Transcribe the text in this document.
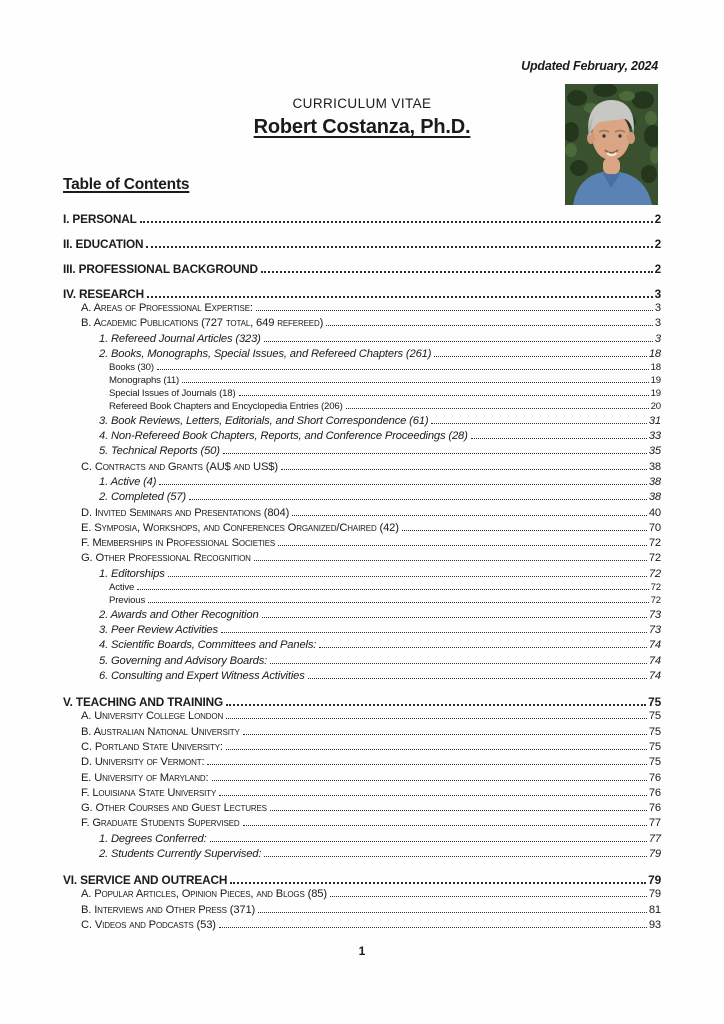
Updated February, 2024
CURRICULUM VITAE
Robert Costanza, Ph.D.
Table of Contents
I. PERSONAL	2
II. EDUCATION	2
III. PROFESSIONAL BACKGROUND	2
IV. RESEARCH	3
A. Areas of Professional Expertise:	3
B. Academic Publications (727 total, 649 refereed)	3
1. Refereed Journal Articles (323)	3
2. Books, Monographs, Special Issues, and Refereed Chapters (261)	18
Books (30)	18
Monographs (11)	19
Special Issues of Journals (18)	19
Refereed Book Chapters and Encyclopedia Entries (206)	20
3. Book Reviews, Letters, Editorials, and Short Correspondence (61)	31
4. Non-Refereed Book Chapters, Reports, and Conference Proceedings (28)	33
5. Technical Reports (50)	35
C. Contracts and Grants (AU$ and US$)	38
1. Active (4)	38
2. Completed (57)	38
D. Invited Seminars and Presentations (804)	40
E. Symposia, Workshops, and Conferences Organized/Chaired (42)	70
F. Memberships in Professional Societies	72
G. Other Professional Recognition	72
1. Editorships	72
Active	72
Previous	72
2. Awards and Other Recognition	73
3. Peer Review Activities	73
4. Scientific Boards, Committees and Panels:	74
5. Governing and Advisory Boards:	74
6. Consulting and Expert Witness Activities	74
V. TEACHING AND TRAINING	75
A. University College London	75
B. Australian National University	75
C. Portland State University:	75
D. University of Vermont:	75
E. University of Maryland:	76
F. Louisiana State University	76
G. Other Courses and Guest Lectures	76
F. Graduate Students Supervised	77
1. Degrees Conferred:	77
2. Students Currently Supervised:	79
VI. SERVICE AND OUTREACH	79
A. Popular Articles, Opinion Pieces, and Blogs (85)	79
B. Interviews and Other Press (371)	81
C. Videos and Podcasts (53)	93
1
